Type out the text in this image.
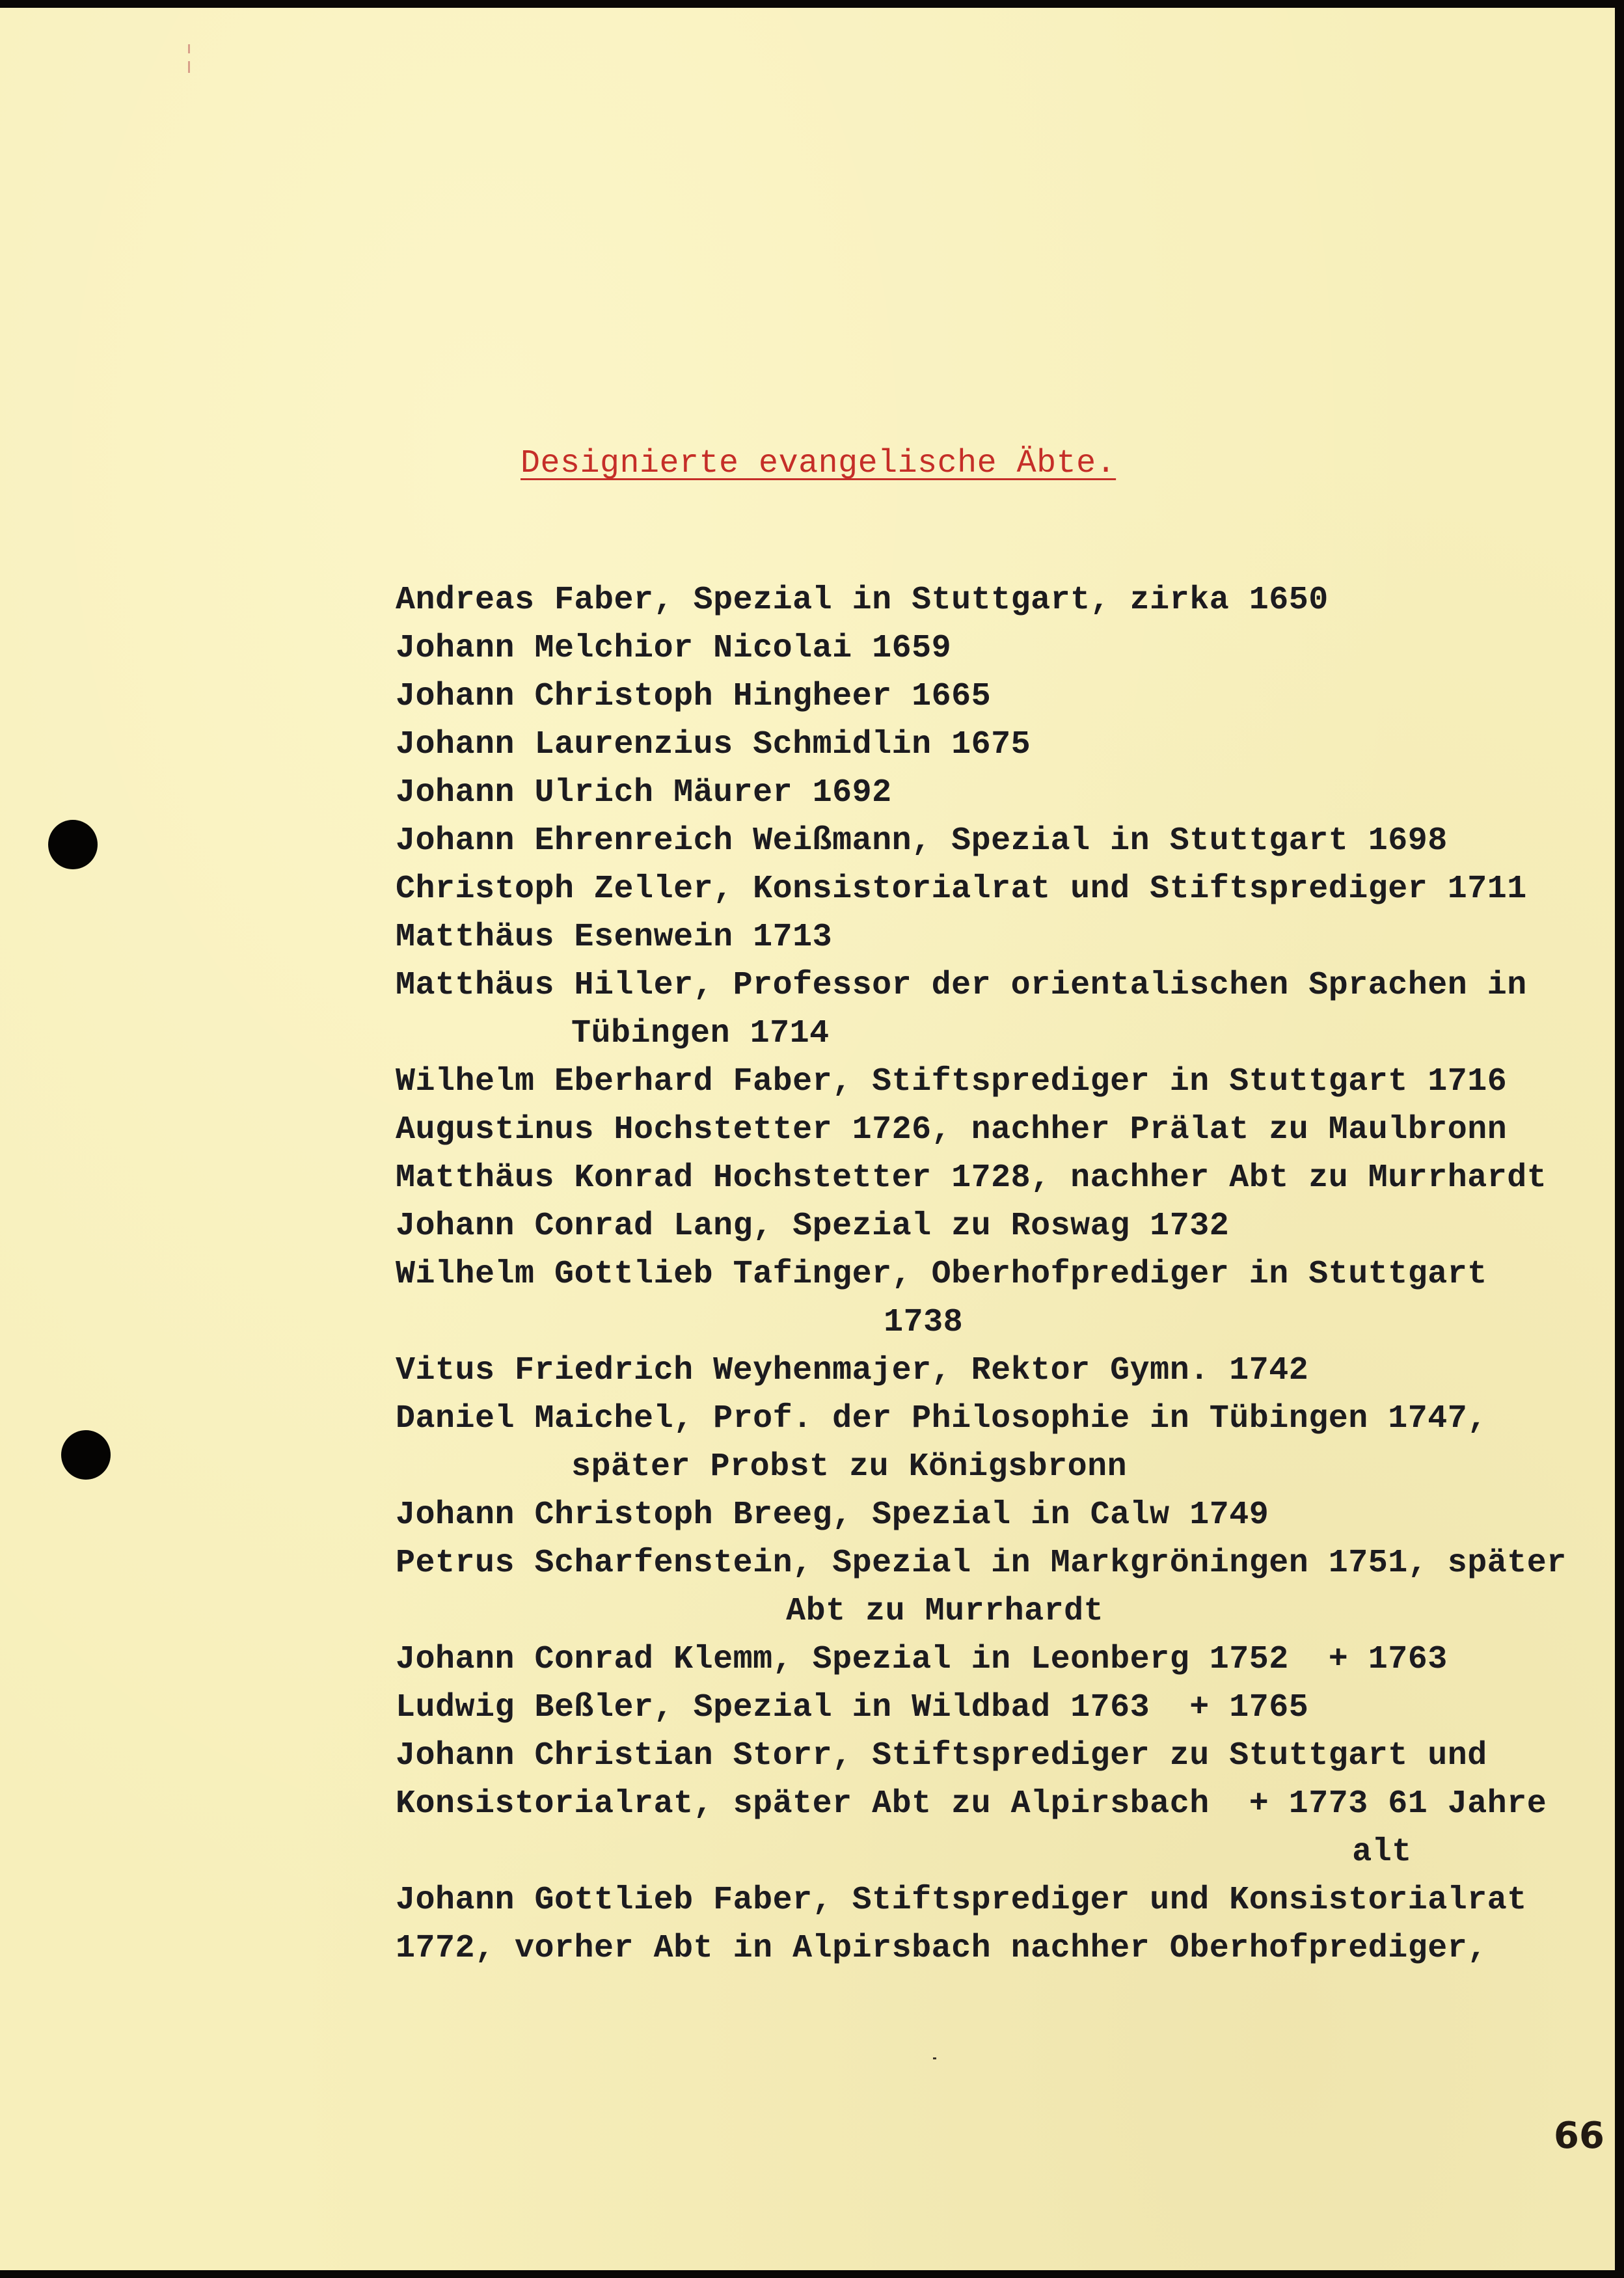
Designierte evangelische Äbte.
Andreas Faber, Spezial in Stuttgart, zirka 1650
Johann Melchior Nicolai 1659
Johann Christoph Hingheer 1665
Johann Laurenzius Schmidlin 1675
Johann Ulrich Mäurer 1692
Johann Ehrenreich Weißmann, Spezial in Stuttgart 1698
Christoph Zeller, Konsistorialrat und Stiftsprediger 1711
Matthäus Esenwein 1713
Matthäus Hiller, Professor der orientalischen Sprachen in
Tübingen 1714
Wilhelm Eberhard Faber, Stiftsprediger in Stuttgart 1716
Augustinus Hochstetter 1726, nachher Prälat zu Maulbronn
Matthäus Konrad Hochstetter 1728, nachher Abt zu Murrhardt
Johann Conrad Lang, Spezial zu Roswag 1732
Wilhelm Gottlieb Tafinger, Oberhofprediger in Stuttgart
1738
Vitus Friedrich Weyhenmajer, Rektor Gymn. 1742
Daniel Maichel, Prof. der Philosophie in Tübingen 1747,
später Probst zu Königsbronn
Johann Christoph Breeg, Spezial in Calw 1749
Petrus Scharfenstein, Spezial in Markgröningen 1751, später
Abt zu Murrhardt
Johann Conrad Klemm, Spezial in Leonberg 1752  + 1763
Ludwig Beßler, Spezial in Wildbad 1763  + 1765
Johann Christian Storr, Stiftsprediger zu Stuttgart und
Konsistorialrat, später Abt zu Alpirsbach  + 1773 61 Jahre
alt
Johann Gottlieb Faber, Stiftsprediger und Konsistorialrat
1772, vorher Abt in Alpirsbach nachher Oberhofprediger,
66
